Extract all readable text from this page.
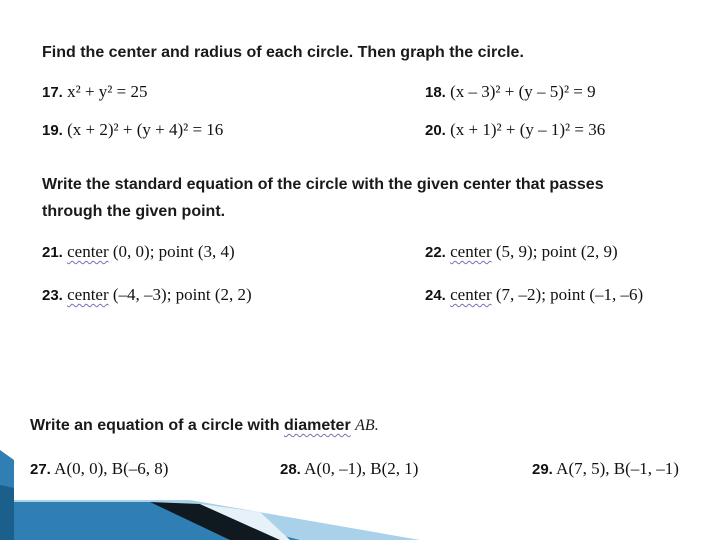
Find the center and radius of each circle. Then graph the circle.
17. x² + y² = 25	18. (x – 3)² + (y – 5)² = 9
19. (x + 2)² + (y + 4)² = 16	20. (x + 1)² + (y – 1)² = 36
Write the standard equation of the circle with the given center that passes
through the given point.
21. center (0, 0); point (3, 4)	22. center (5, 9); point (2, 9)
23. center (–4, –3); point (2, 2)	24. center (7, –2); point (–1, –6)
Write an equation of a circle with diameter AB.
27. A(0, 0), B(–6, 8)	28. A(0, –1), B(2, 1)	29. A(7, 5), B(–1, –1)
